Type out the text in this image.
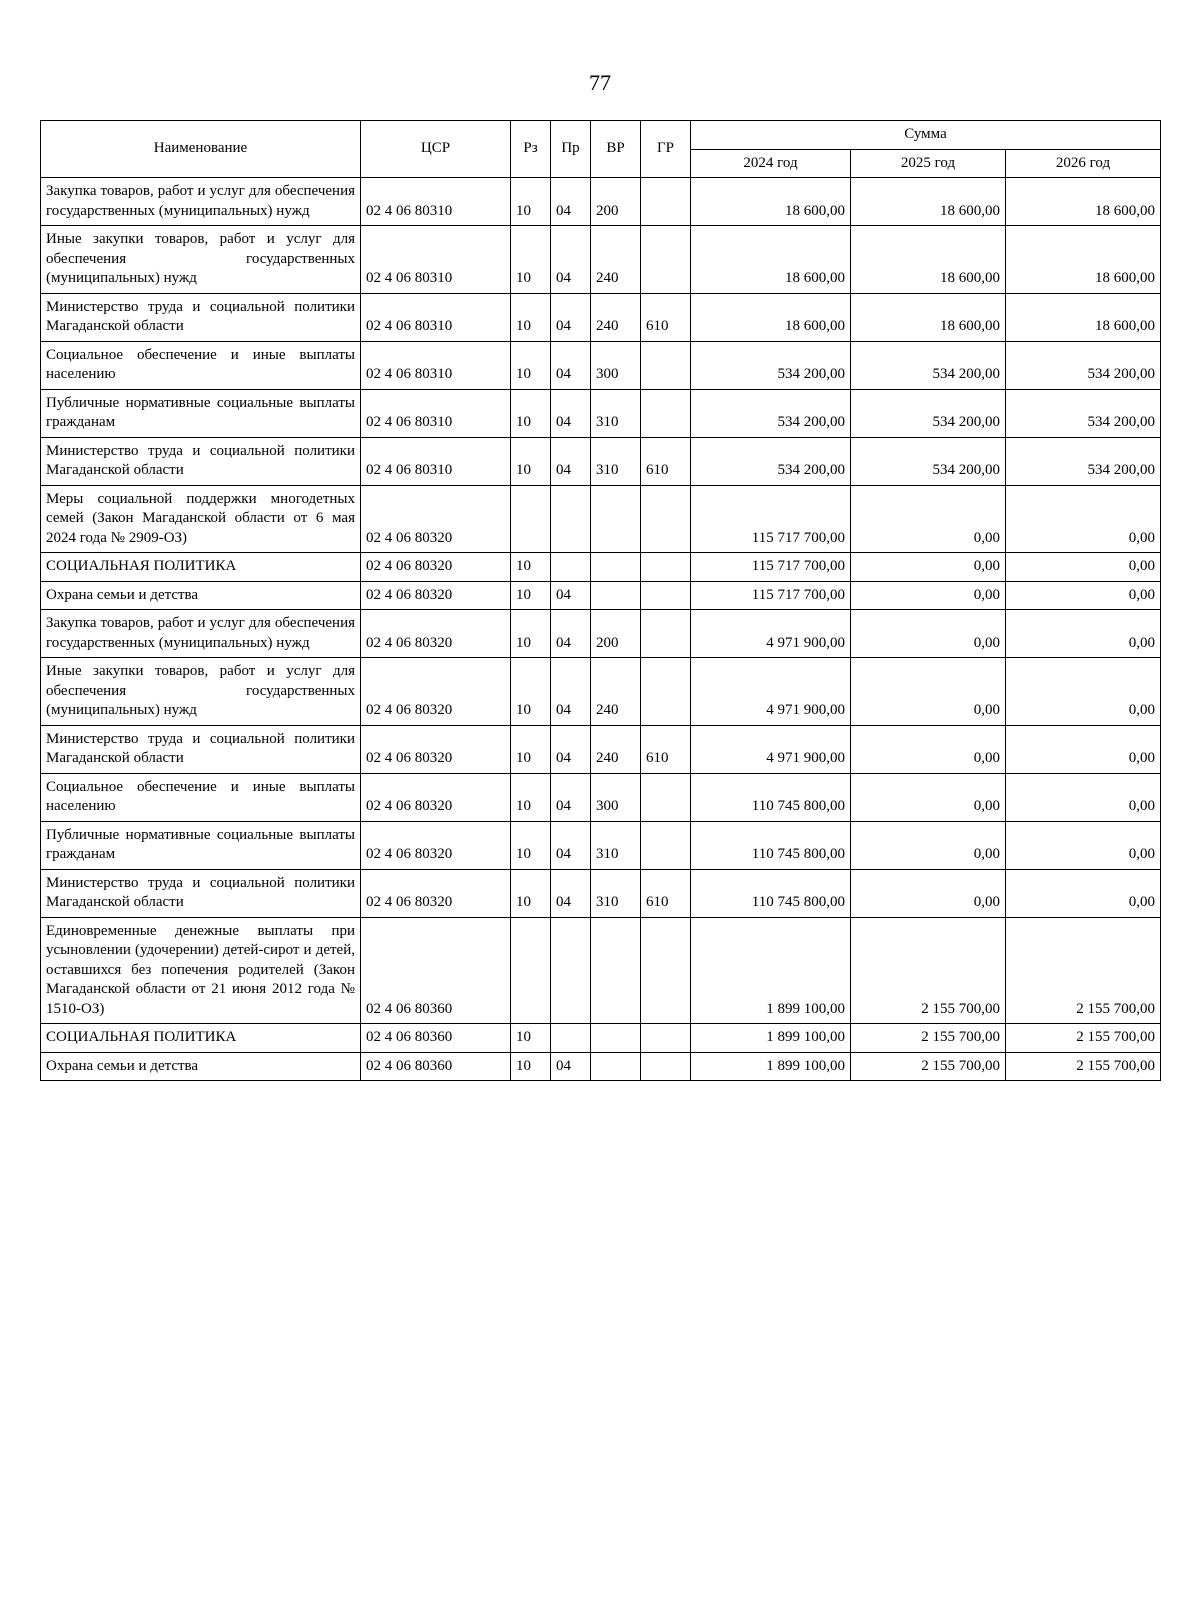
77
Наименование	ЦСР	Рз	Пр	ВР	ГР	Сумма		
						2024 год	2025 год	2026 год
Закупка товаров, работ и услуг для обеспечения государственных (муниципальных) нужд	02 4 06 80310	10	04	200		18 600,00	18 600,00	18 600,00
Иные закупки товаров, работ и услуг для обеспечения государственных (муниципальных) нужд	02 4 06 80310	10	04	240		18 600,00	18 600,00	18 600,00
Министерство труда и социальной политики Магаданской области	02 4 06 80310	10	04	240	610	18 600,00	18 600,00	18 600,00
Социальное обеспечение и иные выплаты населению	02 4 06 80310	10	04	300		534 200,00	534 200,00	534 200,00
Публичные нормативные социальные выплаты гражданам	02 4 06 80310	10	04	310		534 200,00	534 200,00	534 200,00
Министерство труда и социальной политики Магаданской области	02 4 06 80310	10	04	310	610	534 200,00	534 200,00	534 200,00
Меры социальной поддержки многодетных семей (Закон Магаданской области от 6 мая 2024 года № 2909-ОЗ)	02 4 06 80320					115 717 700,00	0,00	0,00
СОЦИАЛЬНАЯ ПОЛИТИКА	02 4 06 80320	10				115 717 700,00	0,00	0,00
Охрана семьи и детства	02 4 06 80320	10	04			115 717 700,00	0,00	0,00
Закупка товаров, работ и услуг для обеспечения государственных (муниципальных) нужд	02 4 06 80320	10	04	200		4 971 900,00	0,00	0,00
Иные закупки товаров, работ и услуг для обеспечения государственных (муниципальных) нужд	02 4 06 80320	10	04	240		4 971 900,00	0,00	0,00
Министерство труда и социальной политики Магаданской области	02 4 06 80320	10	04	240	610	4 971 900,00	0,00	0,00
Социальное обеспечение и иные выплаты населению	02 4 06 80320	10	04	300		110 745 800,00	0,00	0,00
Публичные нормативные социальные выплаты гражданам	02 4 06 80320	10	04	310		110 745 800,00	0,00	0,00
Министерство труда и социальной политики Магаданской области	02 4 06 80320	10	04	310	610	110 745 800,00	0,00	0,00
Единовременные денежные выплаты при усыновлении (удочерении) детей-сирот и детей, оставшихся без попечения родителей (Закон Магаданской области от 21 июня 2012 года № 1510-ОЗ)	02 4 06 80360					1 899 100,00	2 155 700,00	2 155 700,00
СОЦИАЛЬНАЯ ПОЛИТИКА	02 4 06 80360	10				1 899 100,00	2 155 700,00	2 155 700,00
Охрана семьи и детства	02 4 06 80360	10	04			1 899 100,00	2 155 700,00	2 155 700,00
